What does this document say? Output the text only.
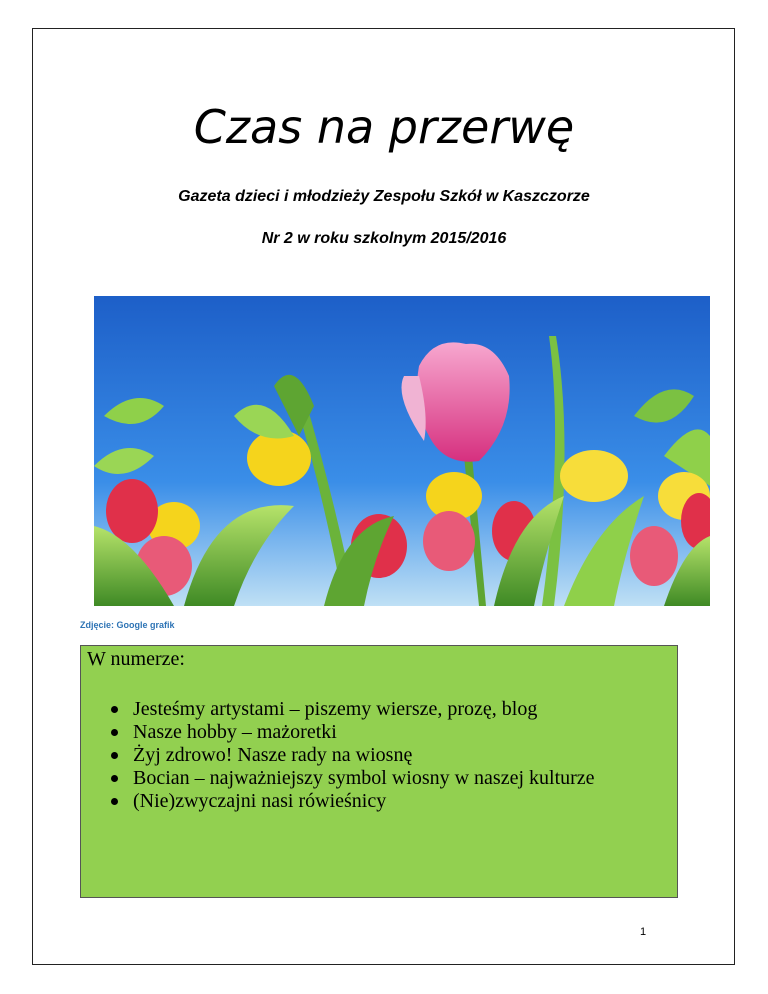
Czas na przerwę

Gazeta dzieci i młodzieży Zespołu Szkół w Kaszczorze

Nr 2 w roku szkolnym 2015/2016

Zdjęcie: Google grafik
W numerze:
Jesteśmy artystami – piszemy wiersze, prozę, blog
Nasze hobby – mażoretki
Żyj zdrowo! Nasze rady na wiosnę
Bocian – najważniejszy symbol wiosny w naszej kulturze
(Nie)zwyczajni nasi rówieśnicy
1
